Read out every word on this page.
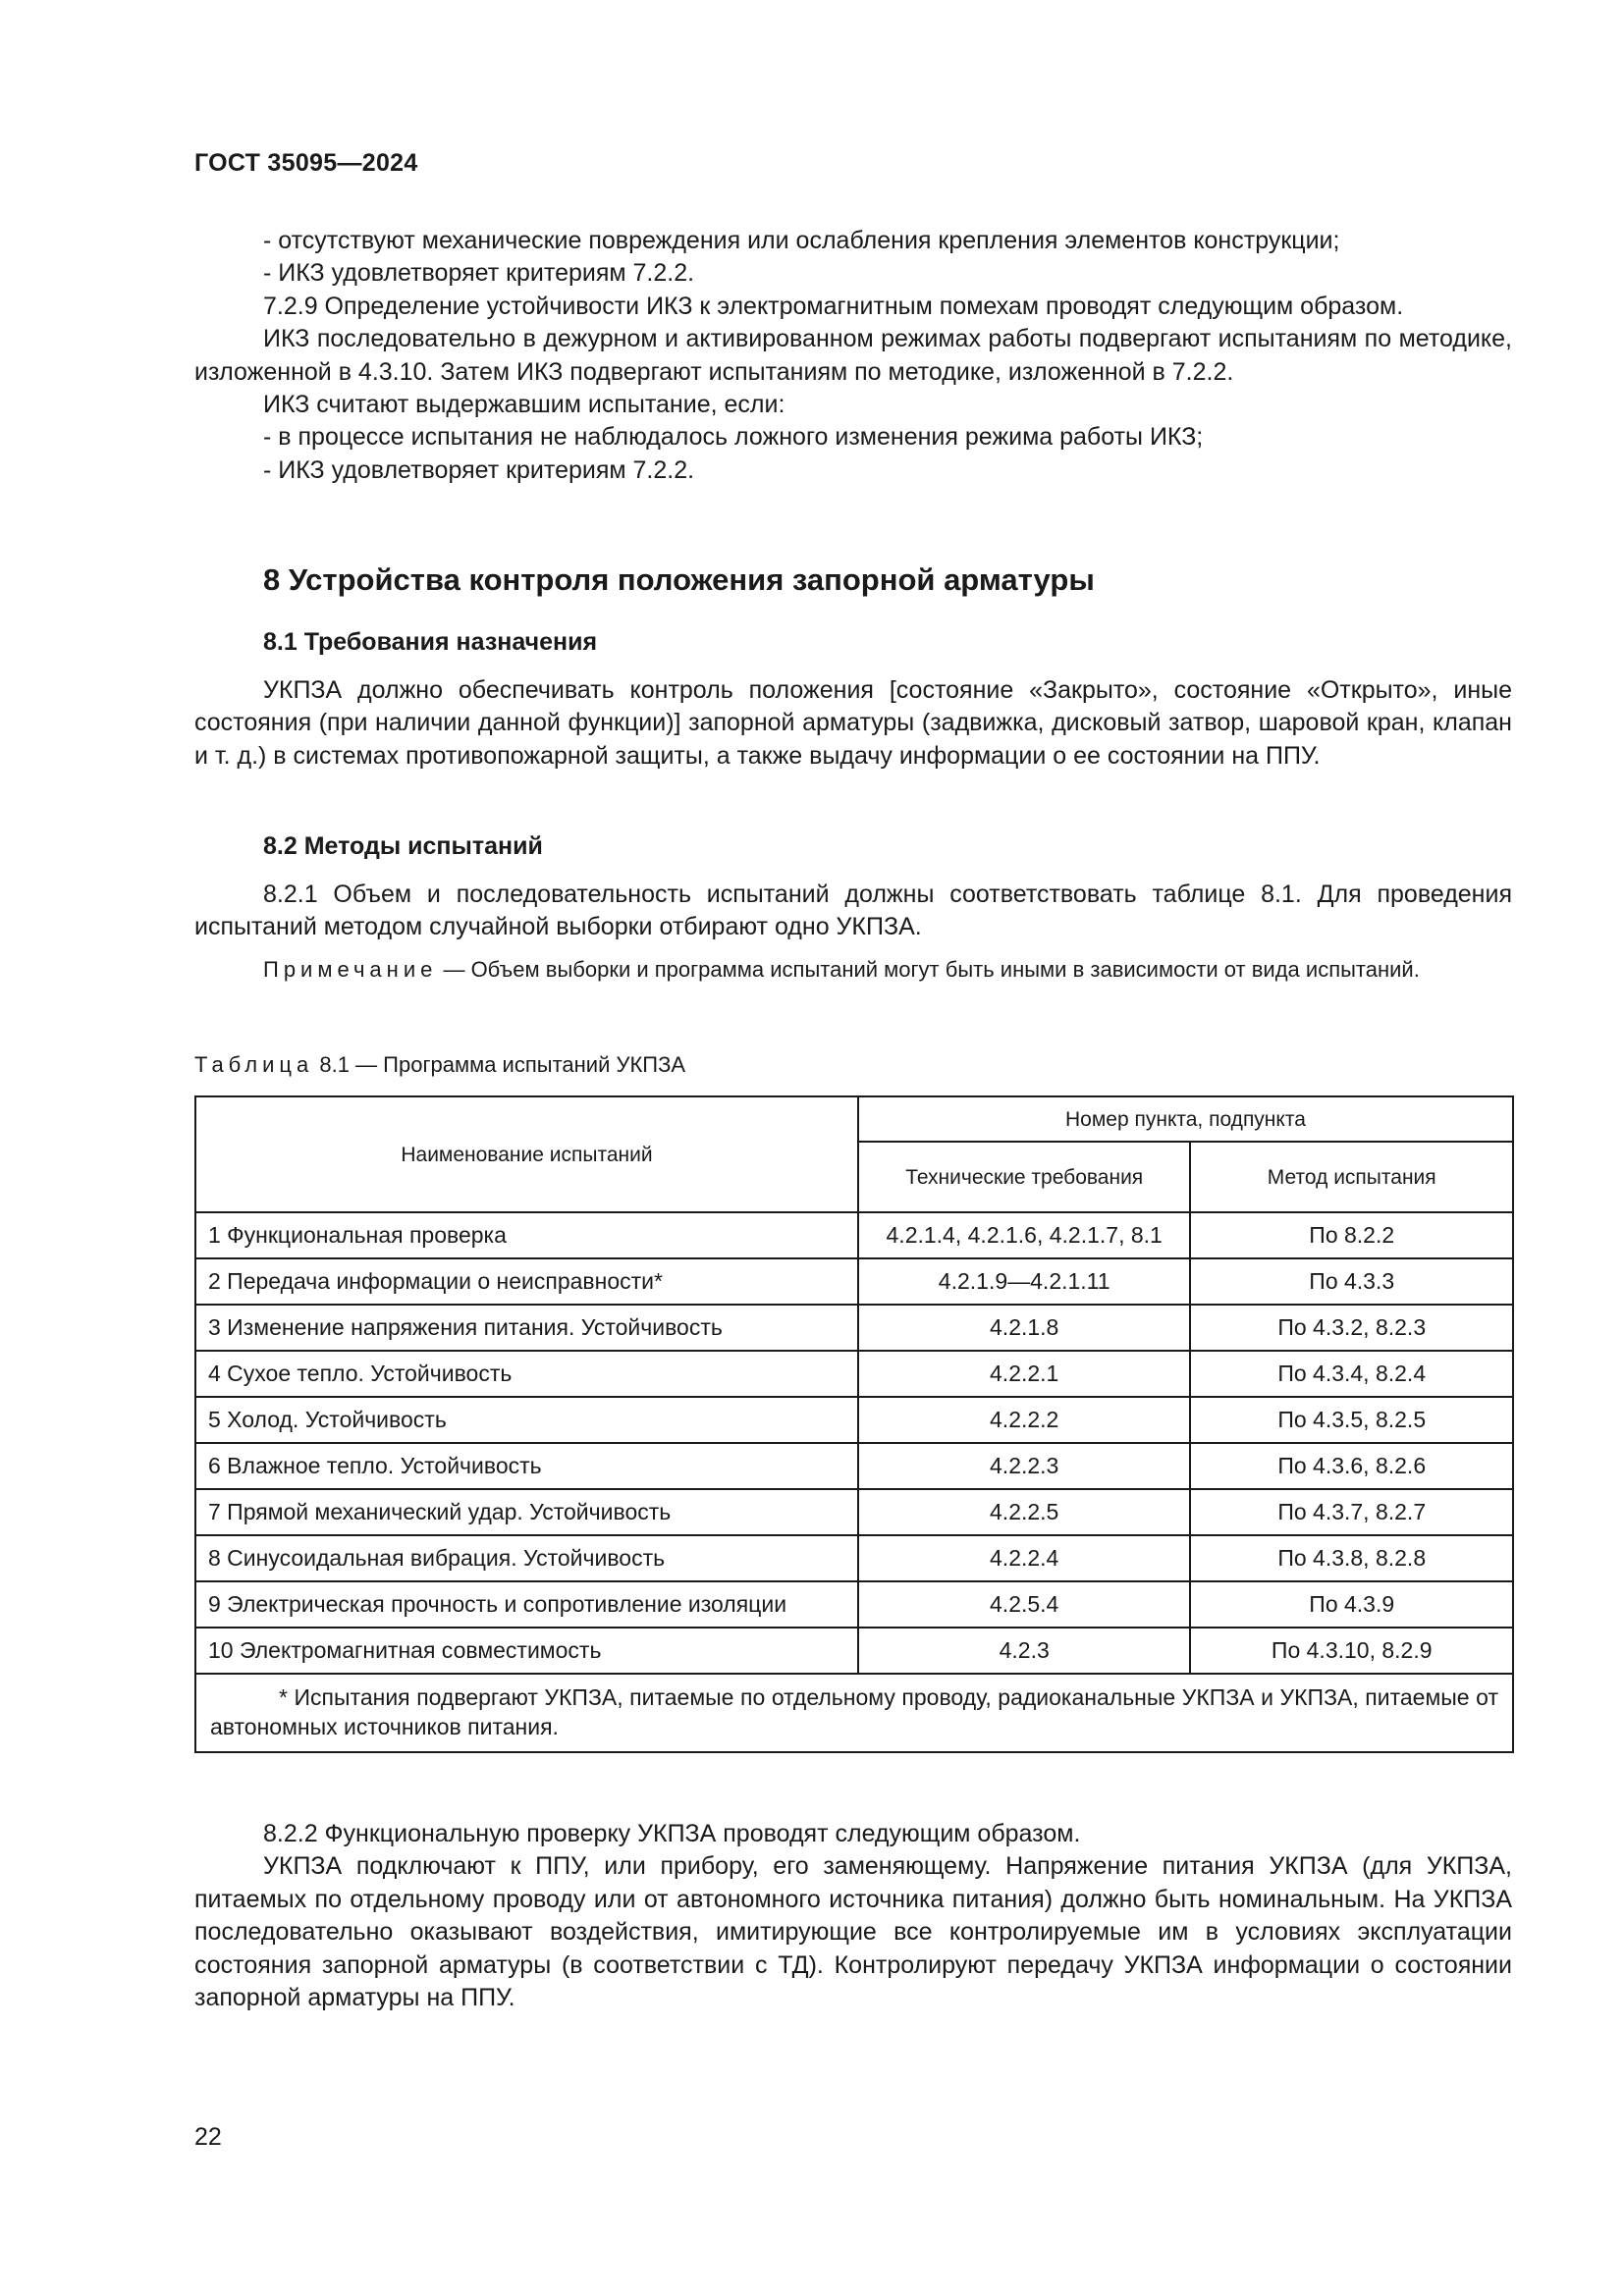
ГОСТ 35095—2024

- отсутствуют механические повреждения или ослабления крепления элементов конструкции;

- ИКЗ удовлетворяет критериям 7.2.2.

7.2.9 Определение устойчивости ИКЗ к электромагнитным помехам проводят следующим образом.

ИКЗ последовательно в дежурном и активированном режимах работы подвергают испытаниям по методике, изложенной в 4.3.10. Затем ИКЗ подвергают испытаниям по методике, изложенной в 7.2.2.

ИКЗ считают выдержавшим испытание, если:

- в процессе испытания не наблюдалось ложного изменения режима работы ИКЗ;

- ИКЗ удовлетворяет критериям 7.2.2.

8 Устройства контроля положения запорной арматуры
8.1 Требования назначения

УКПЗА должно обеспечивать контроль положения [состояние «Закрыто», состояние «Открыто», иные состояния (при наличии данной функции)] запорной арматуры (задвижка, дисковый затвор, шаровой кран, клапан и т. д.) в системах противопожарной защиты, а также выдачу информации о ее состоянии на ППУ.

8.2 Методы испытаний

8.2.1 Объем и последовательность испытаний должны соответствовать таблице 8.1. Для проведения испытаний методом случайной выборки отбирают одно УКПЗА.

Примечание — Объем выборки и программа испытаний могут быть иными в зависимости от вида испытаний.

Таблица 8.1 — Программа испытаний УКПЗА
Наименование испытаний	Номер пункта, подпункта	
	Технические требования	Метод испытания
1 Функциональная проверка	4.2.1.4, 4.2.1.6, 4.2.1.7, 8.1	По 8.2.2
2 Передача информации о неисправности*	4.2.1.9—4.2.1.11	По 4.3.3
3 Изменение напряжения питания. Устойчивость	4.2.1.8	По 4.3.2, 8.2.3
4 Сухое тепло. Устойчивость	4.2.2.1	По 4.3.4, 8.2.4
5 Холод. Устойчивость	4.2.2.2	По 4.3.5, 8.2.5
6 Влажное тепло. Устойчивость	4.2.2.3	По 4.3.6, 8.2.6
7 Прямой механический удар. Устойчивость	4.2.2.5	По 4.3.7, 8.2.7
8 Синусоидальная вибрация. Устойчивость	4.2.2.4	По 4.3.8, 8.2.8
9 Электрическая прочность и сопротивление изоляции	4.2.5.4	По 4.3.9
10 Электромагнитная совместимость	4.2.3	По 4.3.10, 8.2.9

* Испытания подвергают УКПЗА, питаемые по отдельному проводу, радиоканальные УКПЗА и УКПЗА, питаемые от автономных источников питания.		

8.2.2 Функциональную проверку УКПЗА проводят следующим образом.

УКПЗА подключают к ППУ, или прибору, его заменяющему. Напряжение питания УКПЗА (для УКПЗА, питаемых по отдельному проводу или от автономного источника питания) должно быть номинальным. На УКПЗА последовательно оказывают воздействия, имитирующие все контролируемые им в условиях эксплуатации состояния запорной арматуры (в соответствии с ТД). Контролируют передачу УКПЗА информации о состоянии запорной арматуры на ППУ.

22
